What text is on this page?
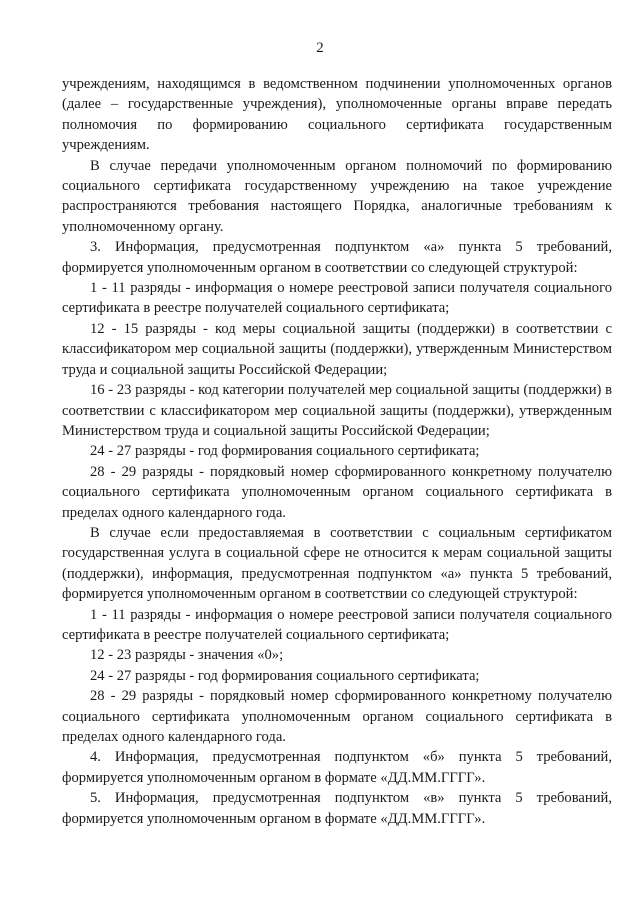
2

учреждениям, находящимся в ведомственном подчинении уполномоченных органов (далее – государственные учреждения), уполномоченные органы вправе передать полномочия по формированию социального сертификата государственным учреждениям.

В случае передачи уполномоченным органом полномочий по формированию социального сертификата государственному учреждению на такое учреждение распространяются требования настоящего Порядка, аналогичные требованиям к уполномоченному органу.

3. Информация, предусмотренная подпунктом «а» пункта 5 требований, формируется уполномоченным органом в соответствии со следующей структурой:

1 - 11 разряды - информация о номере реестровой записи получателя социального сертификата в реестре получателей социального сертификата;

12 - 15 разряды - код меры социальной защиты (поддержки) в соответствии с классификатором мер социальной защиты (поддержки), утвержденным Министерством труда и социальной защиты Российской Федерации;

16 - 23 разряды - код категории получателей мер социальной защиты (поддержки) в соответствии с классификатором мер социальной защиты (поддержки), утвержденным Министерством труда и социальной защиты Российской Федерации;

24 - 27 разряды - год формирования социального сертификата;

28 - 29 разряды - порядковый номер сформированного конкретному получателю социального сертификата уполномоченным органом социального сертификата в пределах одного календарного года.

В случае если предоставляемая в соответствии с социальным сертификатом государственная услуга в социальной сфере не относится к мерам социальной защиты (поддержки), информация, предусмотренная подпунктом «а» пункта 5 требований, формируется уполномоченным органом в соответствии со следующей структурой:

1 - 11 разряды - информация о номере реестровой записи получателя социального сертификата в реестре получателей социального сертификата;

12 - 23 разряды - значения «0»;

24 - 27 разряды - год формирования социального сертификата;

28 - 29 разряды - порядковый номер сформированного конкретному получателю социального сертификата уполномоченным органом социального сертификата в пределах одного календарного года.

4. Информация, предусмотренная подпунктом «б» пункта 5 требований, формируется уполномоченным органом в формате «ДД.ММ.ГГГГ».

5. Информация, предусмотренная подпунктом «в» пункта 5 требований, формируется уполномоченным органом в формате «ДД.ММ.ГГГГ».
